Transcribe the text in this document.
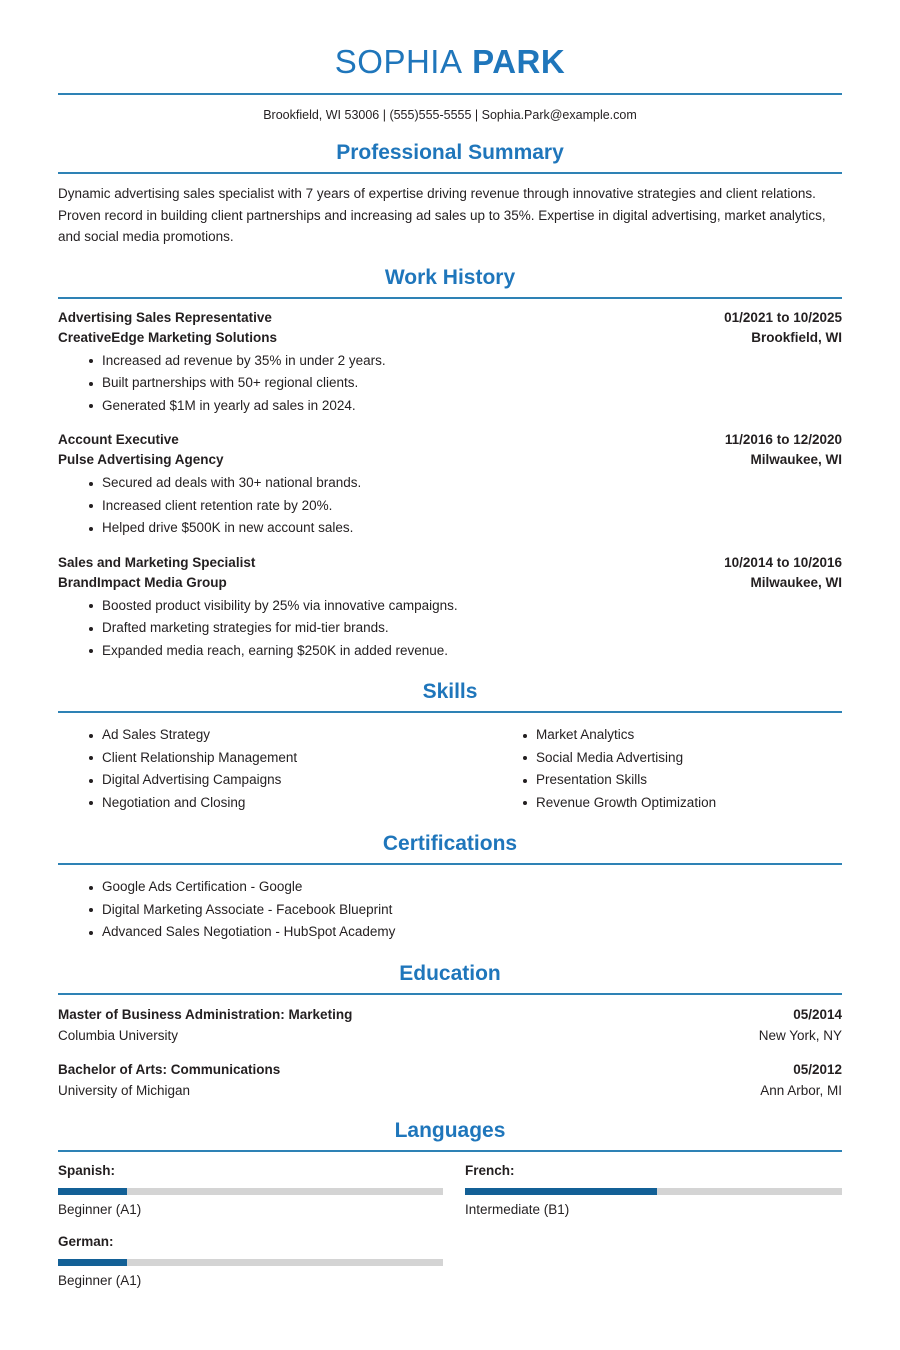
SOPHIA PARK
Brookfield, WI 53006 | (555)555-5555 | Sophia.Park@example.com
Professional Summary
Dynamic advertising sales specialist with 7 years of expertise driving revenue through innovative strategies and client relations. Proven record in building client partnerships and increasing ad sales up to 35%. Expertise in digital advertising, market analytics, and social media promotions.
Work History
Advertising Sales Representative	01/2021 to 10/2025
CreativeEdge Marketing Solutions	Brookfield, WI
Increased ad revenue by 35% in under 2 years.
Built partnerships with 50+ regional clients.
Generated $1M in yearly ad sales in 2024.
Account Executive	11/2016 to 12/2020
Pulse Advertising Agency	Milwaukee, WI
Secured ad deals with 30+ national brands.
Increased client retention rate by 20%.
Helped drive $500K in new account sales.
Sales and Marketing Specialist	10/2014 to 10/2016
BrandImpact Media Group	Milwaukee, WI
Boosted product visibility by 25% via innovative campaigns.
Drafted marketing strategies for mid-tier brands.
Expanded media reach, earning $250K in added revenue.
Skills
Ad Sales Strategy
Client Relationship Management
Digital Advertising Campaigns
Negotiation and Closing
Market Analytics
Social Media Advertising
Presentation Skills
Revenue Growth Optimization
Certifications
Google Ads Certification - Google
Digital Marketing Associate - Facebook Blueprint
Advanced Sales Negotiation - HubSpot Academy
Education
Master of Business Administration: Marketing	05/2014
Columbia University	New York, NY
Bachelor of Arts: Communications	05/2012
University of Michigan	Ann Arbor, MI
Languages
Spanish:
Beginner (A1)
French:
Intermediate (B1)
German:
Beginner (A1)
